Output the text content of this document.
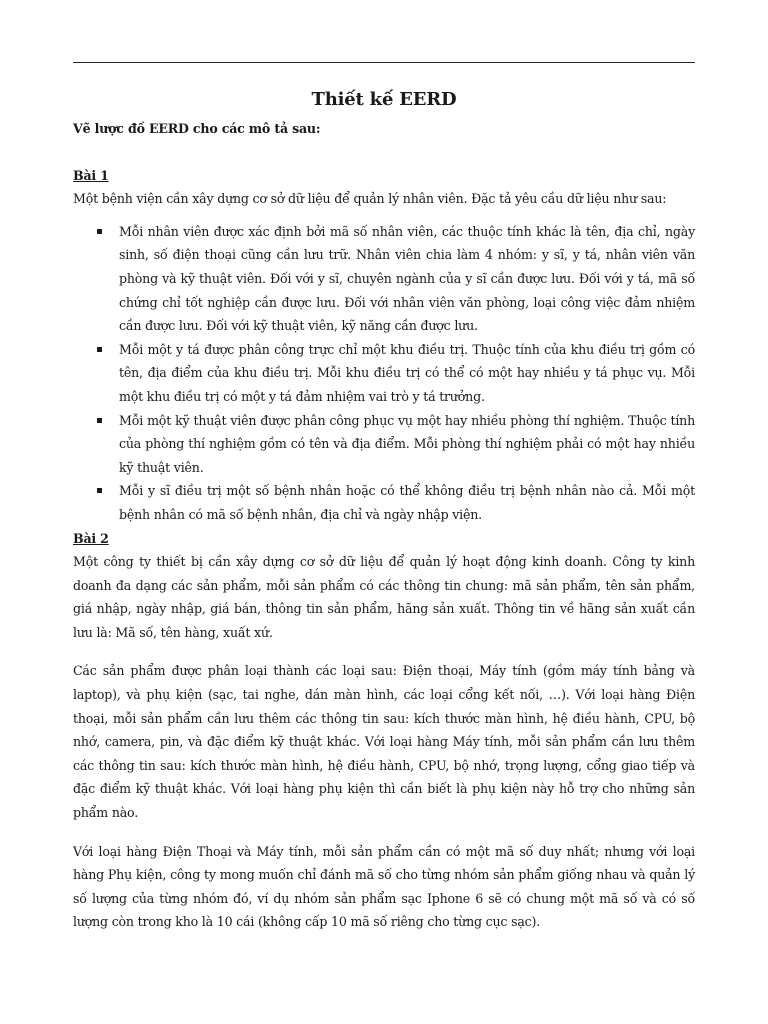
Thiết kế EERD

Vẽ lược đồ EERD cho các mô tả sau:

Bài 1

Một bệnh viện cần xây dựng cơ sở dữ liệu để quản lý nhân viên. Đặc tả yêu cầu dữ liệu như sau:

Mỗi nhân viên được xác định bởi mã số nhân viên, các thuộc tính khác là tên, địa chỉ, ngày sinh, số điện thoại cũng cần lưu trữ. Nhân viên chia làm 4 nhóm: y sĩ, y tá, nhân viên văn phòng và kỹ thuật viên. Đối với y sĩ, chuyên ngành của y sĩ cần được lưu. Đối với y tá, mã số chứng chỉ tốt nghiệp cần được lưu. Đối với nhân viên văn phòng, loại công việc đảm nhiệm cần được lưu. Đối với kỹ thuật viên, kỹ năng cần được lưu.
Mỗi một y tá được phân công trực chỉ một khu điều trị. Thuộc tính của khu điều trị gồm có tên, địa điểm của khu điều trị. Mỗi khu điều trị có thể có một hay nhiều y tá phục vụ. Mỗi một khu điều trị có một y tá đảm nhiệm vai trò y tá trưởng.
Mỗi một kỹ thuật viên được phân công phục vụ một hay nhiều phòng thí nghiệm. Thuộc tính của phòng thí nghiệm gồm có tên và địa điểm. Mỗi phòng thí nghiệm phải có một hay nhiều kỹ thuật viên.
Mỗi y sĩ điều trị một số bệnh nhân hoặc có thể không điều trị bệnh nhân nào cả. Mỗi một bệnh nhân có mã số bệnh nhân, địa chỉ và ngày nhập viện.

Bài 2

Một công ty thiết bị cần xây dựng cơ sở dữ liệu để quản lý hoạt động kinh doanh. Công ty kinh doanh đa dạng các sản phẩm, mỗi sản phẩm có các thông tin chung: mã sản phẩm, tên sản phẩm, giá nhập, ngày nhập, giá bán, thông tin sản phẩm, hãng sản xuất. Thông tin về hãng sản xuất cần lưu là: Mã số, tên hàng, xuất xứ.

Các sản phẩm được phân loại thành các loại sau: Điện thoại, Máy tính (gồm máy tính bảng và laptop), và phụ kiện (sạc, tai nghe, dán màn hình, các loại cổng kết nối, …). Với loại hàng Điện thoại, mỗi sản phẩm cần lưu thêm các thông tin sau: kích thước màn hình, hệ điều hành, CPU, bộ nhớ, camera, pin, và đặc điểm kỹ thuật khác. Với loại hàng Máy tính, mỗi sản phẩm cần lưu thêm các thông tin sau: kích thước màn hình, hệ điều hành, CPU, bộ nhớ, trọng lượng, cổng giao tiếp và đặc điểm kỹ thuật khác. Với loại hàng phụ kiện thì cần biết là phụ kiện này hỗ trợ cho những sản phẩm nào.

Với loại hàng Điện Thoại và Máy tính, mỗi sản phẩm cần có một mã số duy nhất; nhưng với loại hàng Phụ kiện, công ty mong muốn chỉ đánh mã số cho từng nhóm sản phẩm giống nhau và quản lý số lượng của từng nhóm đó, ví dụ nhóm sản phẩm sạc Iphone 6 sẽ có chung một mã số và có số lượng còn trong kho là 10 cái (không cấp 10 mã số riêng cho từng cục sạc).
